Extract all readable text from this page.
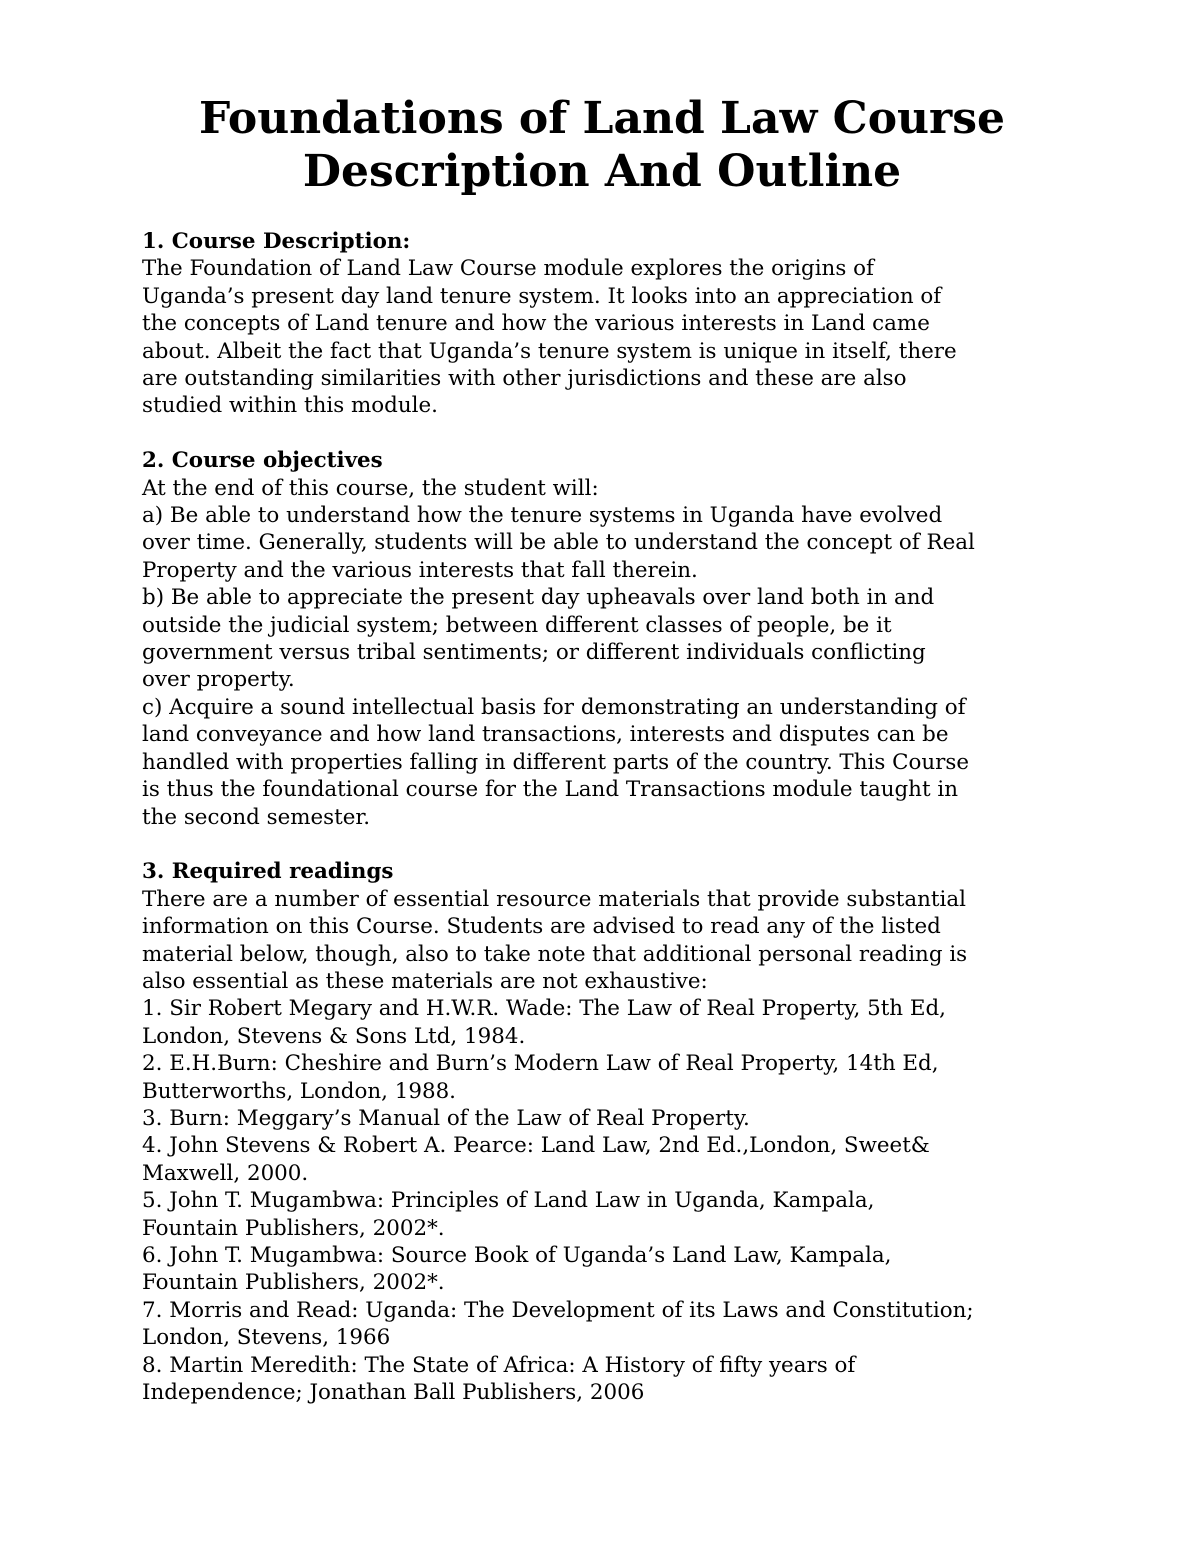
Foundations of Land Law Course
Description And Outline
1. Course Description:
The Foundation of Land Law Course module explores the origins of
Uganda’s present day land tenure system. It looks into an appreciation of
the concepts of Land tenure and how the various interests in Land came
about. Albeit the fact that Uganda’s tenure system is unique in itself, there
are outstanding similarities with other jurisdictions and these are also
studied within this module.
2. Course objectives
At the end of this course, the student will:
a) Be able to understand how the tenure systems in Uganda have evolved
over time. Generally, students will be able to understand the concept of Real
Property and the various interests that fall therein.
b) Be able to appreciate the present day upheavals over land both in and
outside the judicial system; between different classes of people, be it
government versus tribal sentiments; or different individuals conflicting
over property.
c) Acquire a sound intellectual basis for demonstrating an understanding of
land conveyance and how land transactions, interests and disputes can be
handled with properties falling in different parts of the country. This Course
is thus the foundational course for the Land Transactions module taught in
the second semester.
3. Required readings
There are a number of essential resource materials that provide substantial
information on this Course. Students are advised to read any of the listed
material below, though, also to take note that additional personal reading is
also essential as these materials are not exhaustive:
1. Sir Robert Megary and H.W.R. Wade: The Law of Real Property, 5th Ed,
London, Stevens & Sons Ltd, 1984.
2. E.H.Burn: Cheshire and Burn’s Modern Law of Real Property, 14th Ed,
Butterworths, London, 1988.
3. Burn: Meggary’s Manual of the Law of Real Property.
4. John Stevens & Robert A. Pearce: Land Law, 2nd Ed.,London, Sweet&
Maxwell, 2000.
5. John T. Mugambwa: Principles of Land Law in Uganda, Kampala,
Fountain Publishers, 2002*.
6. John T. Mugambwa: Source Book of Uganda’s Land Law, Kampala,
Fountain Publishers, 2002*.
7. Morris and Read: Uganda: The Development of its Laws and Constitution;
London, Stevens, 1966
8. Martin Meredith: The State of Africa: A History of fifty years of
Independence; Jonathan Ball Publishers, 2006
